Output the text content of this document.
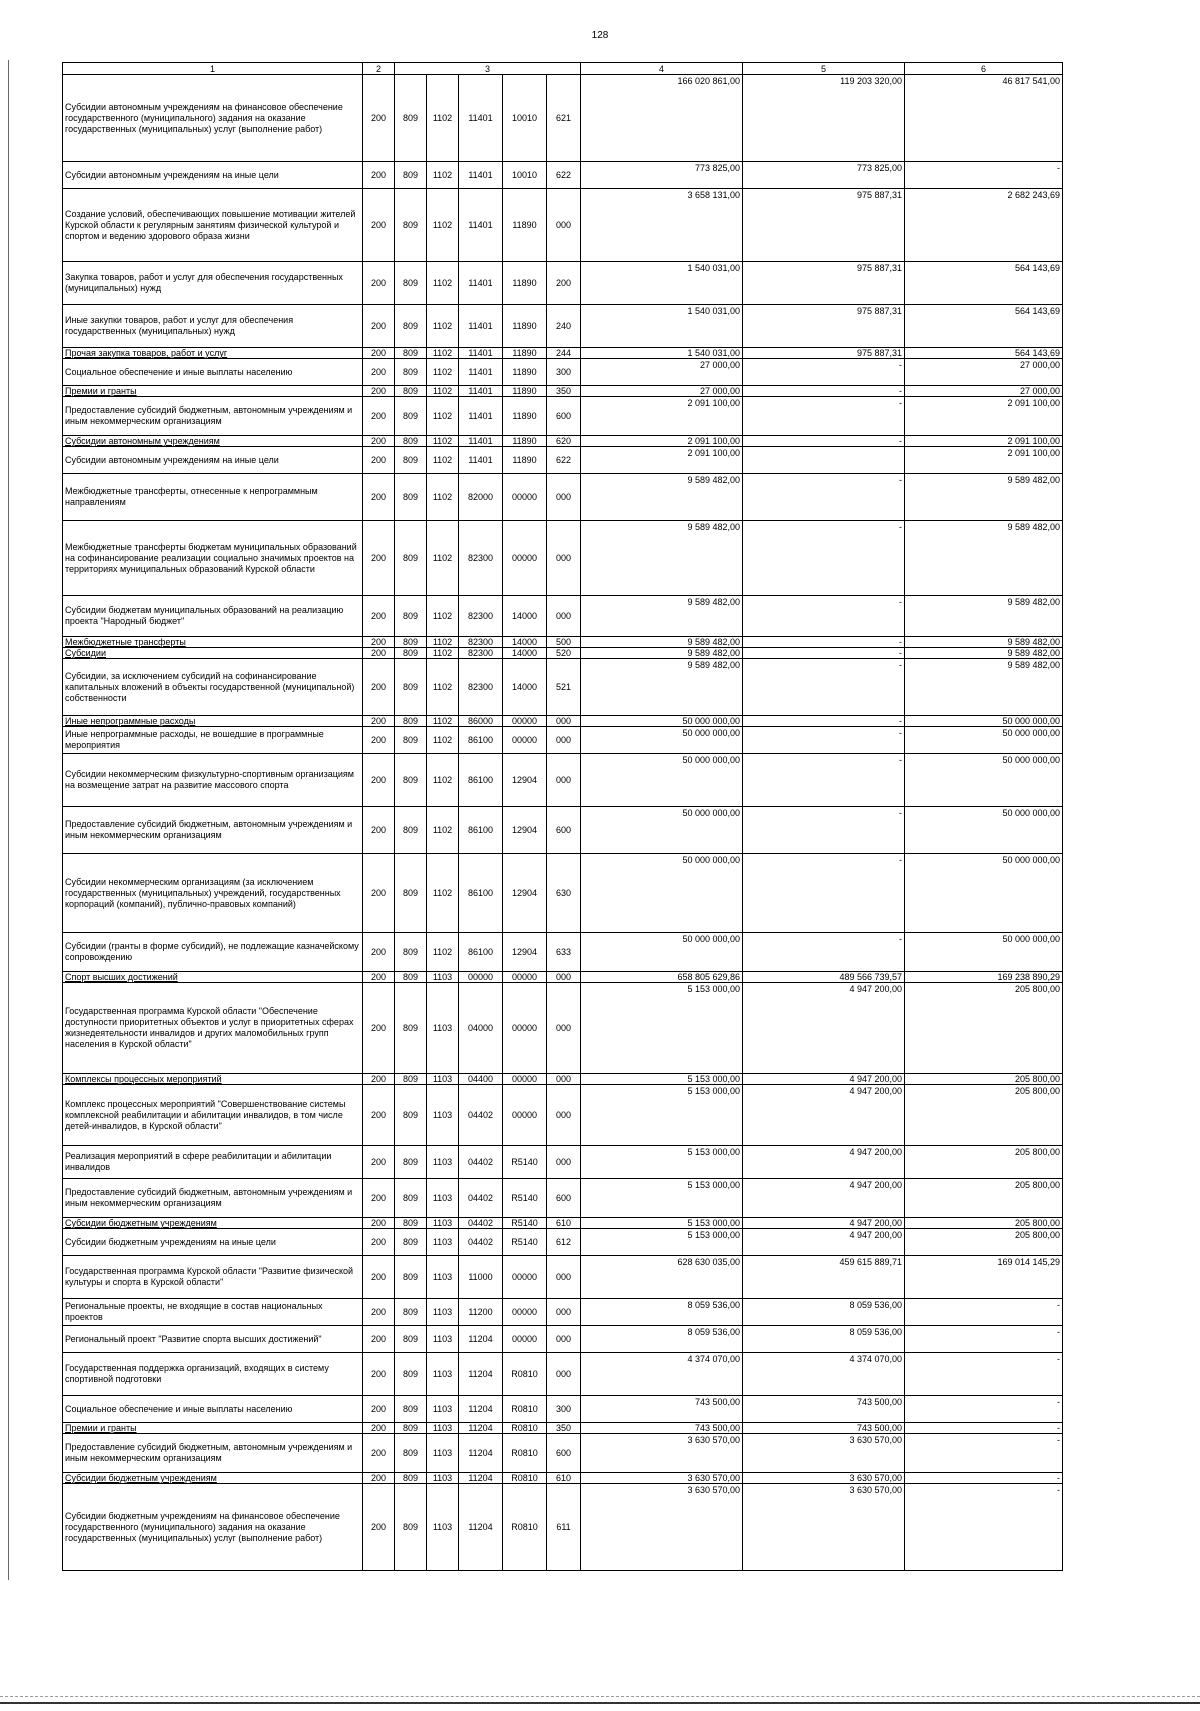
128
1	2	3					4	5	6
Субсидии автономным учреждениям на финансовое обеспечение государственного (муниципального) задания на оказание государственных (муниципальных) услуг (выполнение работ)	200	809	1102	11401	10010	621	166 020 861,00	119 203 320,00	46 817 541,00
Субсидии автономным учреждениям на иные цели	200	809	1102	11401	10010	622	773 825,00	773 825,00	-
Создание условий, обеспечивающих повышение мотивации жителей Курской области к регулярным занятиям физической культурой и спортом и ведению здорового образа жизни	200	809	1102	11401	11890	000	3 658 131,00	975 887,31	2 682 243,69
Закупка товаров, работ и услуг для обеспечения государственных (муниципальных) нужд	200	809	1102	11401	11890	200	1 540 031,00	975 887,31	564 143,69
Иные закупки товаров, работ и услуг для обеспечения государственных (муниципальных) нужд	200	809	1102	11401	11890	240	1 540 031,00	975 887,31	564 143,69
Прочая закупка товаров, работ и услуг	200	809	1102	11401	11890	244	1 540 031,00	975 887,31	564 143,69
Социальное обеспечение и иные выплаты населению	200	809	1102	11401	11890	300	27 000,00	-	27 000,00
Премии и гранты	200	809	1102	11401	11890	350	27 000,00	-	27 000,00
Предоставление субсидий бюджетным, автономным учреждениям и иным некоммерческим организациям	200	809	1102	11401	11890	600	2 091 100,00	-	2 091 100,00
Субсидии автономным учреждениям	200	809	1102	11401	11890	620	2 091 100,00	-	2 091 100,00
Субсидии автономным учреждениям на иные цели	200	809	1102	11401	11890	622	2 091 100,00		2 091 100,00
Межбюджетные трансферты, отнесенные к непрограммным направлениям	200	809	1102	82000	00000	000	9 589 482,00	-	9 589 482,00
Межбюджетные трансферты бюджетам муниципальных образований на софинансирование реализации социально значимых проектов на территориях муниципальных образований Курской области	200	809	1102	82300	00000	000	9 589 482,00	-	9 589 482,00
Субсидии бюджетам муниципальных образований на реализацию проекта "Народный бюджет"	200	809	1102	82300	14000	000	9 589 482,00	-	9 589 482,00
Межбюджетные трансферты	200	809	1102	82300	14000	500	9 589 482,00	-	9 589 482,00
Субсидии	200	809	1102	82300	14000	520	9 589 482,00	-	9 589 482,00
Субсидии, за исключением субсидий на софинансирование капитальных вложений в объекты государственной (муниципальной) собственности	200	809	1102	82300	14000	521	9 589 482,00	-	9 589 482,00
Иные непрограммные расходы	200	809	1102	86000	00000	000	50 000 000,00	-	50 000 000,00
Иные непрограммные расходы, не вошедшие в программные мероприятия	200	809	1102	86100	00000	000	50 000 000,00	-	50 000 000,00
Субсидии некоммерческим физкультурно-спортивным организациям на возмещение затрат на развитие массового спорта	200	809	1102	86100	12904	000	50 000 000,00	-	50 000 000,00
Предоставление субсидий бюджетным, автономным учреждениям и иным некоммерческим организациям	200	809	1102	86100	12904	600	50 000 000,00	-	50 000 000,00
Субсидии некоммерческим организациям (за исключением государственных (муниципальных) учреждений, государственных корпораций (компаний), публично-правовых компаний)	200	809	1102	86100	12904	630	50 000 000,00	-	50 000 000,00
Субсидии (гранты в форме субсидий), не подлежащие казначейскому сопровождению	200	809	1102	86100	12904	633	50 000 000,00	-	50 000 000,00
Спорт высших достижений	200	809	1103	00000	00000	000	658 805 629,86	489 566 739,57	169 238 890,29
Государственная программа Курской области "Обеспечение доступности приоритетных объектов и услуг в приоритетных сферах жизнедеятельности инвалидов и других маломобильных групп населения в Курской области"	200	809	1103	04000	00000	000	5 153 000,00	4 947 200,00	205 800,00
Комплексы процессных мероприятий	200	809	1103	04400	00000	000	5 153 000,00	4 947 200,00	205 800,00
Комплекс процессных мероприятий "Совершенствование системы комплексной реабилитации и абилитации инвалидов, в том числе детей-инвалидов, в Курской области"	200	809	1103	04402	00000	000	5 153 000,00	4 947 200,00	205 800,00
Реализация мероприятий в сфере реабилитации и абилитации инвалидов	200	809	1103	04402	R5140	000	5 153 000,00	4 947 200,00	205 800,00
Предоставление субсидий бюджетным, автономным учреждениям и иным некоммерческим организациям	200	809	1103	04402	R5140	600	5 153 000,00	4 947 200,00	205 800,00
Субсидии бюджетным учреждениям	200	809	1103	04402	R5140	610	5 153 000,00	4 947 200,00	205 800,00
Субсидии бюджетным учреждениям на иные цели	200	809	1103	04402	R5140	612	5 153 000,00	4 947 200,00	205 800,00
Государственная программа Курской области "Развитие физической культуры и спорта в Курской области"	200	809	1103	11000	00000	000	628 630 035,00	459 615 889,71	169 014 145,29
Региональные проекты, не входящие в состав национальных проектов	200	809	1103	11200	00000	000	8 059 536,00	8 059 536,00	-
Региональный проект "Развитие спорта высших достижений"	200	809	1103	11204	00000	000	8 059 536,00	8 059 536,00	-
Государственная поддержка организаций, входящих в систему спортивной подготовки	200	809	1103	11204	R0810	000	4 374 070,00	4 374 070,00	-
Социальное обеспечение и иные выплаты населению	200	809	1103	11204	R0810	300	743 500,00	743 500,00	-
Премии и гранты	200	809	1103	11204	R0810	350	743 500,00	743 500,00	-
Предоставление субсидий бюджетным, автономным учреждениям и иным некоммерческим организациям	200	809	1103	11204	R0810	600	3 630 570,00	3 630 570,00	-
Субсидии бюджетным учреждениям	200	809	1103	11204	R0810	610	3 630 570,00	3 630 570,00	-
Субсидии бюджетным учреждениям на финансовое обеспечение государственного (муниципального) задания на оказание государственных (муниципальных) услуг (выполнение работ)	200	809	1103	11204	R0810	611	3 630 570,00	3 630 570,00	-
